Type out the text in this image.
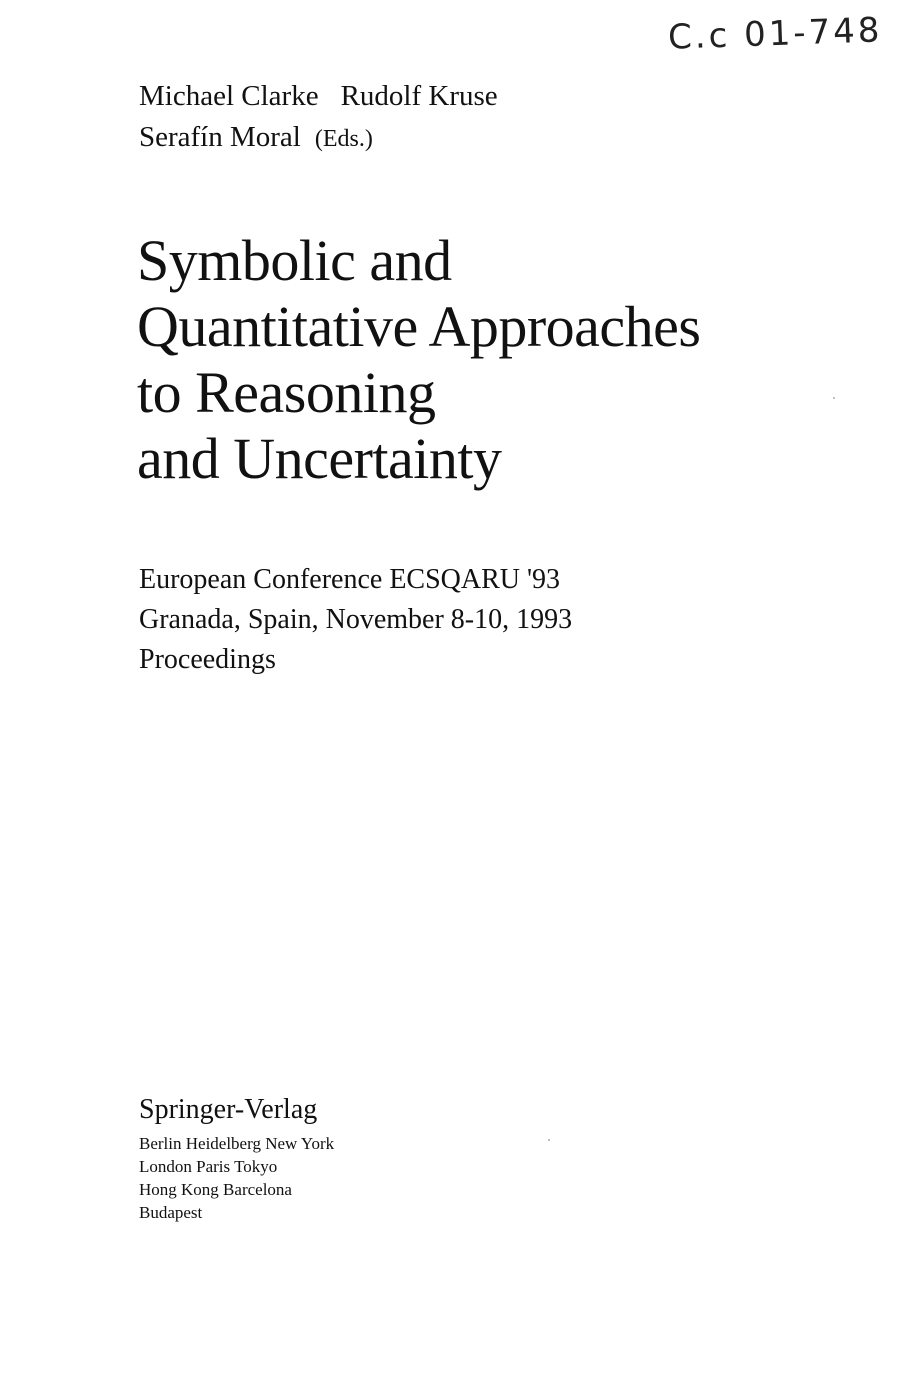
C.c 01-748
Michael Clarke Rudolf Kruse
Serafín Moral (Eds.)
Symbolic and
Quantitative Approaches
to Reasoning
and Uncertainty
European Conference ECSQARU '93
Granada, Spain, November 8-10, 1993
Proceedings
Springer-Verlag
Berlin Heidelberg New York
London Paris Tokyo
Hong Kong Barcelona
Budapest
